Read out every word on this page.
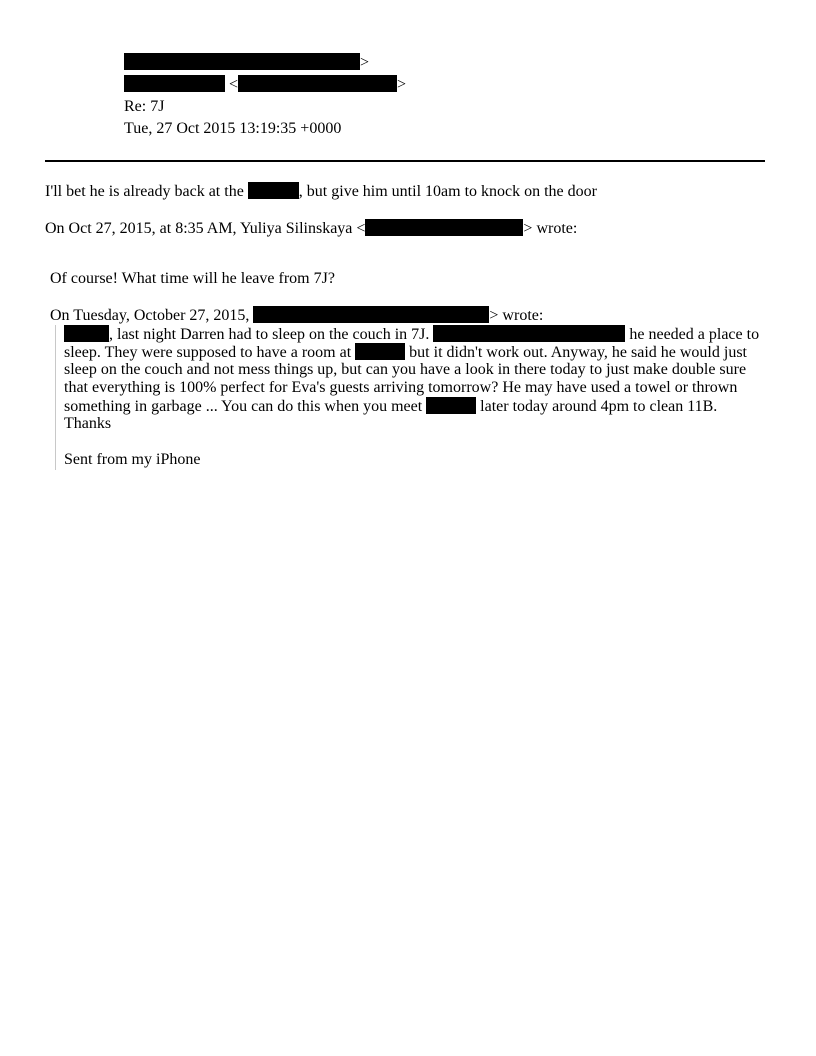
>
<	>
Re: 7J
Tue, 27 Oct 2015 13:19:35 +0000
I'll bet he is already back at the	, but give him until 10am to knock on the door
On Oct 27, 2015, at 8:35 AM, Yuliya Silinskaya <	> wrote:
Of course! What time will he leave from 7J?
On Tuesday, October 27, 2015,	> wrote:
, last night Darren had to sleep on the couch in 7J.	he needed a place to
sleep. They were supposed to have a room at	but it didn't work out. Anyway, he said he would just
sleep on the couch and not mess things up, but can you have a look in there today to just make double sure
that everything is 100% perfect for Eva's guests arriving tomorrow? He may have used a towel or thrown
something in garbage ... You can do this when you meet	later today around 4pm to clean 11B.
Thanks
Sent from my iPhone
